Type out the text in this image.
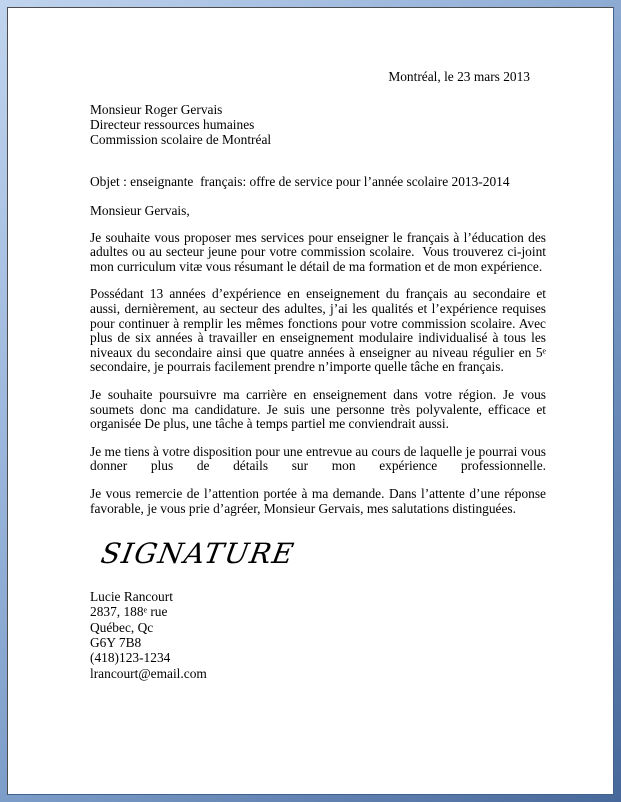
Montréal, le 23 mars 2013
Monsieur Roger Gervais
Directeur ressources humaines
Commission scolaire de Montréal
Objet : enseignante  français: offre de service pour l’année scolaire 2013-2014
Monsieur Gervais,

Je souhaite vous proposer mes services pour enseigner le français à l’éducation des adultes ou au secteur jeune pour votre commission scolaire.  Vous trouverez ci-joint mon curriculum vitæ vous résumant le détail de ma formation et de mon expérience.

Possédant 13 années d’expérience en enseignement du français au secondaire et aussi, dernièrement, au secteur des adultes, j’ai les qualités et l’expérience requises pour continuer à remplir les mêmes fonctions pour votre commission scolaire. Avec plus de six années à travailler en enseignement modulaire individualisé à tous les niveaux du secondaire ainsi que quatre années à enseigner au niveau régulier en 5ᵉ secondaire, je pourrais facilement prendre n’importe quelle tâche en français.

Je souhaite poursuivre ma carrière en enseignement dans votre région. Je vous soumets donc ma candidature. Je suis une personne très polyvalente, efficace et organisée De plus, une tâche à temps partiel me conviendrait aussi.

Je me tiens à votre disposition pour une entrevue au cours de laquelle je pourrai vous
donner plus de détails sur mon expérience professionnelle.

Je vous remercie de l’attention portée à ma demande. Dans l’attente d’une réponse favorable, je vous prie d’agréer, Monsieur Gervais, mes salutations distinguées.

SIGNATURE
Lucie Rancourt
2837, 188ᵉ rue
Québec, Qc
G6Y 7B8
(418)123-1234
lrancourt@email.com
